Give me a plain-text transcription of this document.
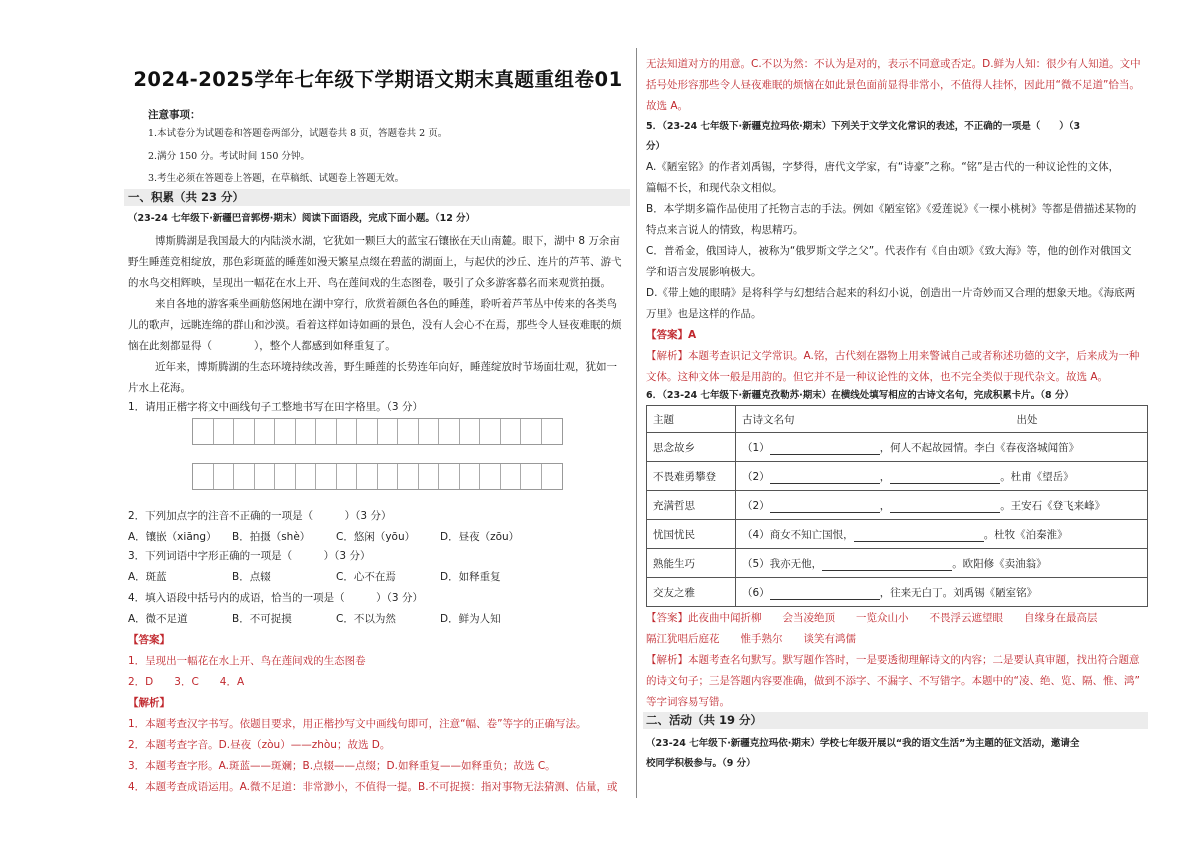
2024-2025学年七年级下学期语文期末真题重组卷01
注意事项：
1.本试卷分为试题卷和答题卷两部分，试题卷共 8 页，答题卷共 2 页。
2.满分 150 分。考试时间 150 分钟。
3.考生必须在答题卷上答题，在草稿纸、试题卷上答题无效。
一、积累（共 23 分）
（23-24 七年级下·新疆巴音郭楞·期末）阅读下面语段，完成下面小题。（12 分）
博斯腾湖是我国最大的内陆淡水湖，它犹如一颗巨大的蓝宝石镶嵌在天山南麓。眼下，湖中 8 万余亩
野生睡莲竞相绽放，那色彩斑蓝的睡莲如漫天繁星点缀在碧蓝的湖面上，与起伏的沙丘、连片的芦苇、游弋
的水鸟交相辉映，呈现出一幅花在水上开、鸟在莲间戏的生态图卷，吸引了众多游客慕名而来观赏拍摄。
来自各地的游客乘坐画舫悠闲地在湖中穿行，欣赏着颜色各色的睡莲，聆听着芦苇丛中传来的各类鸟
儿的歌声，远眺连绵的群山和沙漠。看着这样如诗如画的景色，没有人会心不在焉，那些令人昼夜难眠的烦
恼在此刻都显得（　　　　），整个人都感到如释重复了。
近年来，博斯腾湖的生态环境持续改善，野生睡莲的长势连年向好，睡莲绽放时节场面壮观，犹如一
片水上花海。
1．请用正楷字将文中画线句子工整地书写在田字格里。（3 分）
2．下列加点字的注音不正确的一项是（　　　）（3 分）
A．镶嵌（xiāng） B．拍摄（shè） C．悠闲（yōu） D．昼夜（zōu）
3．下列词语中字形正确的一项是（　　　）（3 分）
A．斑蓝	B．点辍	C．心不在焉	D．如释重复
4．填入语段中括号内的成语，恰当的一项是（　　　）（3 分）
A．微不足道	B．不可捉摸	C．不以为然	D．鲜为人知
【答案】
1．呈现出一幅花在水上开、鸟在莲间戏的生态图卷
2．D　　3．C　　4．A
【解析】
1．本题考查汉字书写。依题目要求，用正楷抄写文中画线句即可，注意“幅、卷”等字的正确写法。
2．本题考查字音。D.昼夜（zòu）——zhòu；故选 D。
3．本题考查字形。A.斑蓝——斑斓；B.点辍——点缀；D.如释重复——如释重负；故选 C。
4．本题考查成语运用。A.微不足道：非常渺小，不值得一提。B.不可捉摸：指对事物无法猜测、估量，或
无法知道对方的用意。C.不以为然：不认为是对的，表示不同意或否定。D.鲜为人知：很少有人知道。文中
括号处形容那些令人昼夜难眠的烦恼在如此景色面前显得非常小，不值得人挂怀，因此用“微不足道”恰当。
故选 A。
5．（23-24 七年级下·新疆克拉玛依·期末）下列关于文学文化常识的表述，不正确的一项是（　　）（3
分）
A.《陋室铭》的作者刘禹锡，字梦得，唐代文学家，有“诗豪”之称。“铭”是古代的一种议论性的文体，
篇幅不长，和现代杂文相似。
B．本学期多篇作品使用了托物言志的手法。例如《陋室铭》《爱莲说》《一棵小桃树》等都是借描述某物的
特点来言说人的情致，构思精巧。
C．普希金，俄国诗人，被称为“俄罗斯文学之父”。代表作有《自由颂》《致大海》等，他的创作对俄国文
学和语言发展影响极大。
D.《带上她的眼睛》是将科学与幻想结合起来的科幻小说，创造出一片奇妙而又合理的想象天地。《海底两
万里》也是这样的作品。
【答案】A
【解析】本题考查识记文学常识。A.铭，古代刻在器物上用来警诫自己或者称述功德的文字，后来成为一种
文体。这种文体一般是用韵的。但它并不是一种议论性的文体，也不完全类似于现代杂文。故选 A。
6．（23-24 七年级下·新疆克孜勒苏·期末）在横线处填写相应的古诗文名句，完成积累卡片。（8 分）
主题	古诗文名句 出处

思念故乡	（1） ，何人不起故园情。李白《春夜洛城闻笛》
不畏难勇攀登	（2） ， 。杜甫《望岳》
充满哲思	（2） ， 。王安石《登飞来峰》
忧国忧民	（4）商女不知亡国恨， 。杜牧《泊秦淮》
熟能生巧	（5）我亦无他， 。欧阳修《卖油翁》
交友之雅	（6） ，往来无白丁。刘禹锡《陋室铭》
【答案】此夜曲中闻折柳　　会当凌绝顶　　一览众山小　　不畏浮云遮望眼　　自缘身在最高层
隔江犹唱后庭花　　惟手熟尔　　谈笑有鸿儒
【解析】本题考查名句默写。默写题作答时，一是要透彻理解诗文的内容；二是要认真审题，找出符合题意
的诗文句子；三是答题内容要准确，做到不添字、不漏字、不写错字。本题中的“凌、绝、览、隔、惟、鸿”
等字词容易写错。
二、活动（共 19 分）
（23-24 七年级下·新疆克拉玛依·期末）学校七年级开展以“我的语文生活”为主题的征文活动，邀请全
校同学积极参与。（9 分）
